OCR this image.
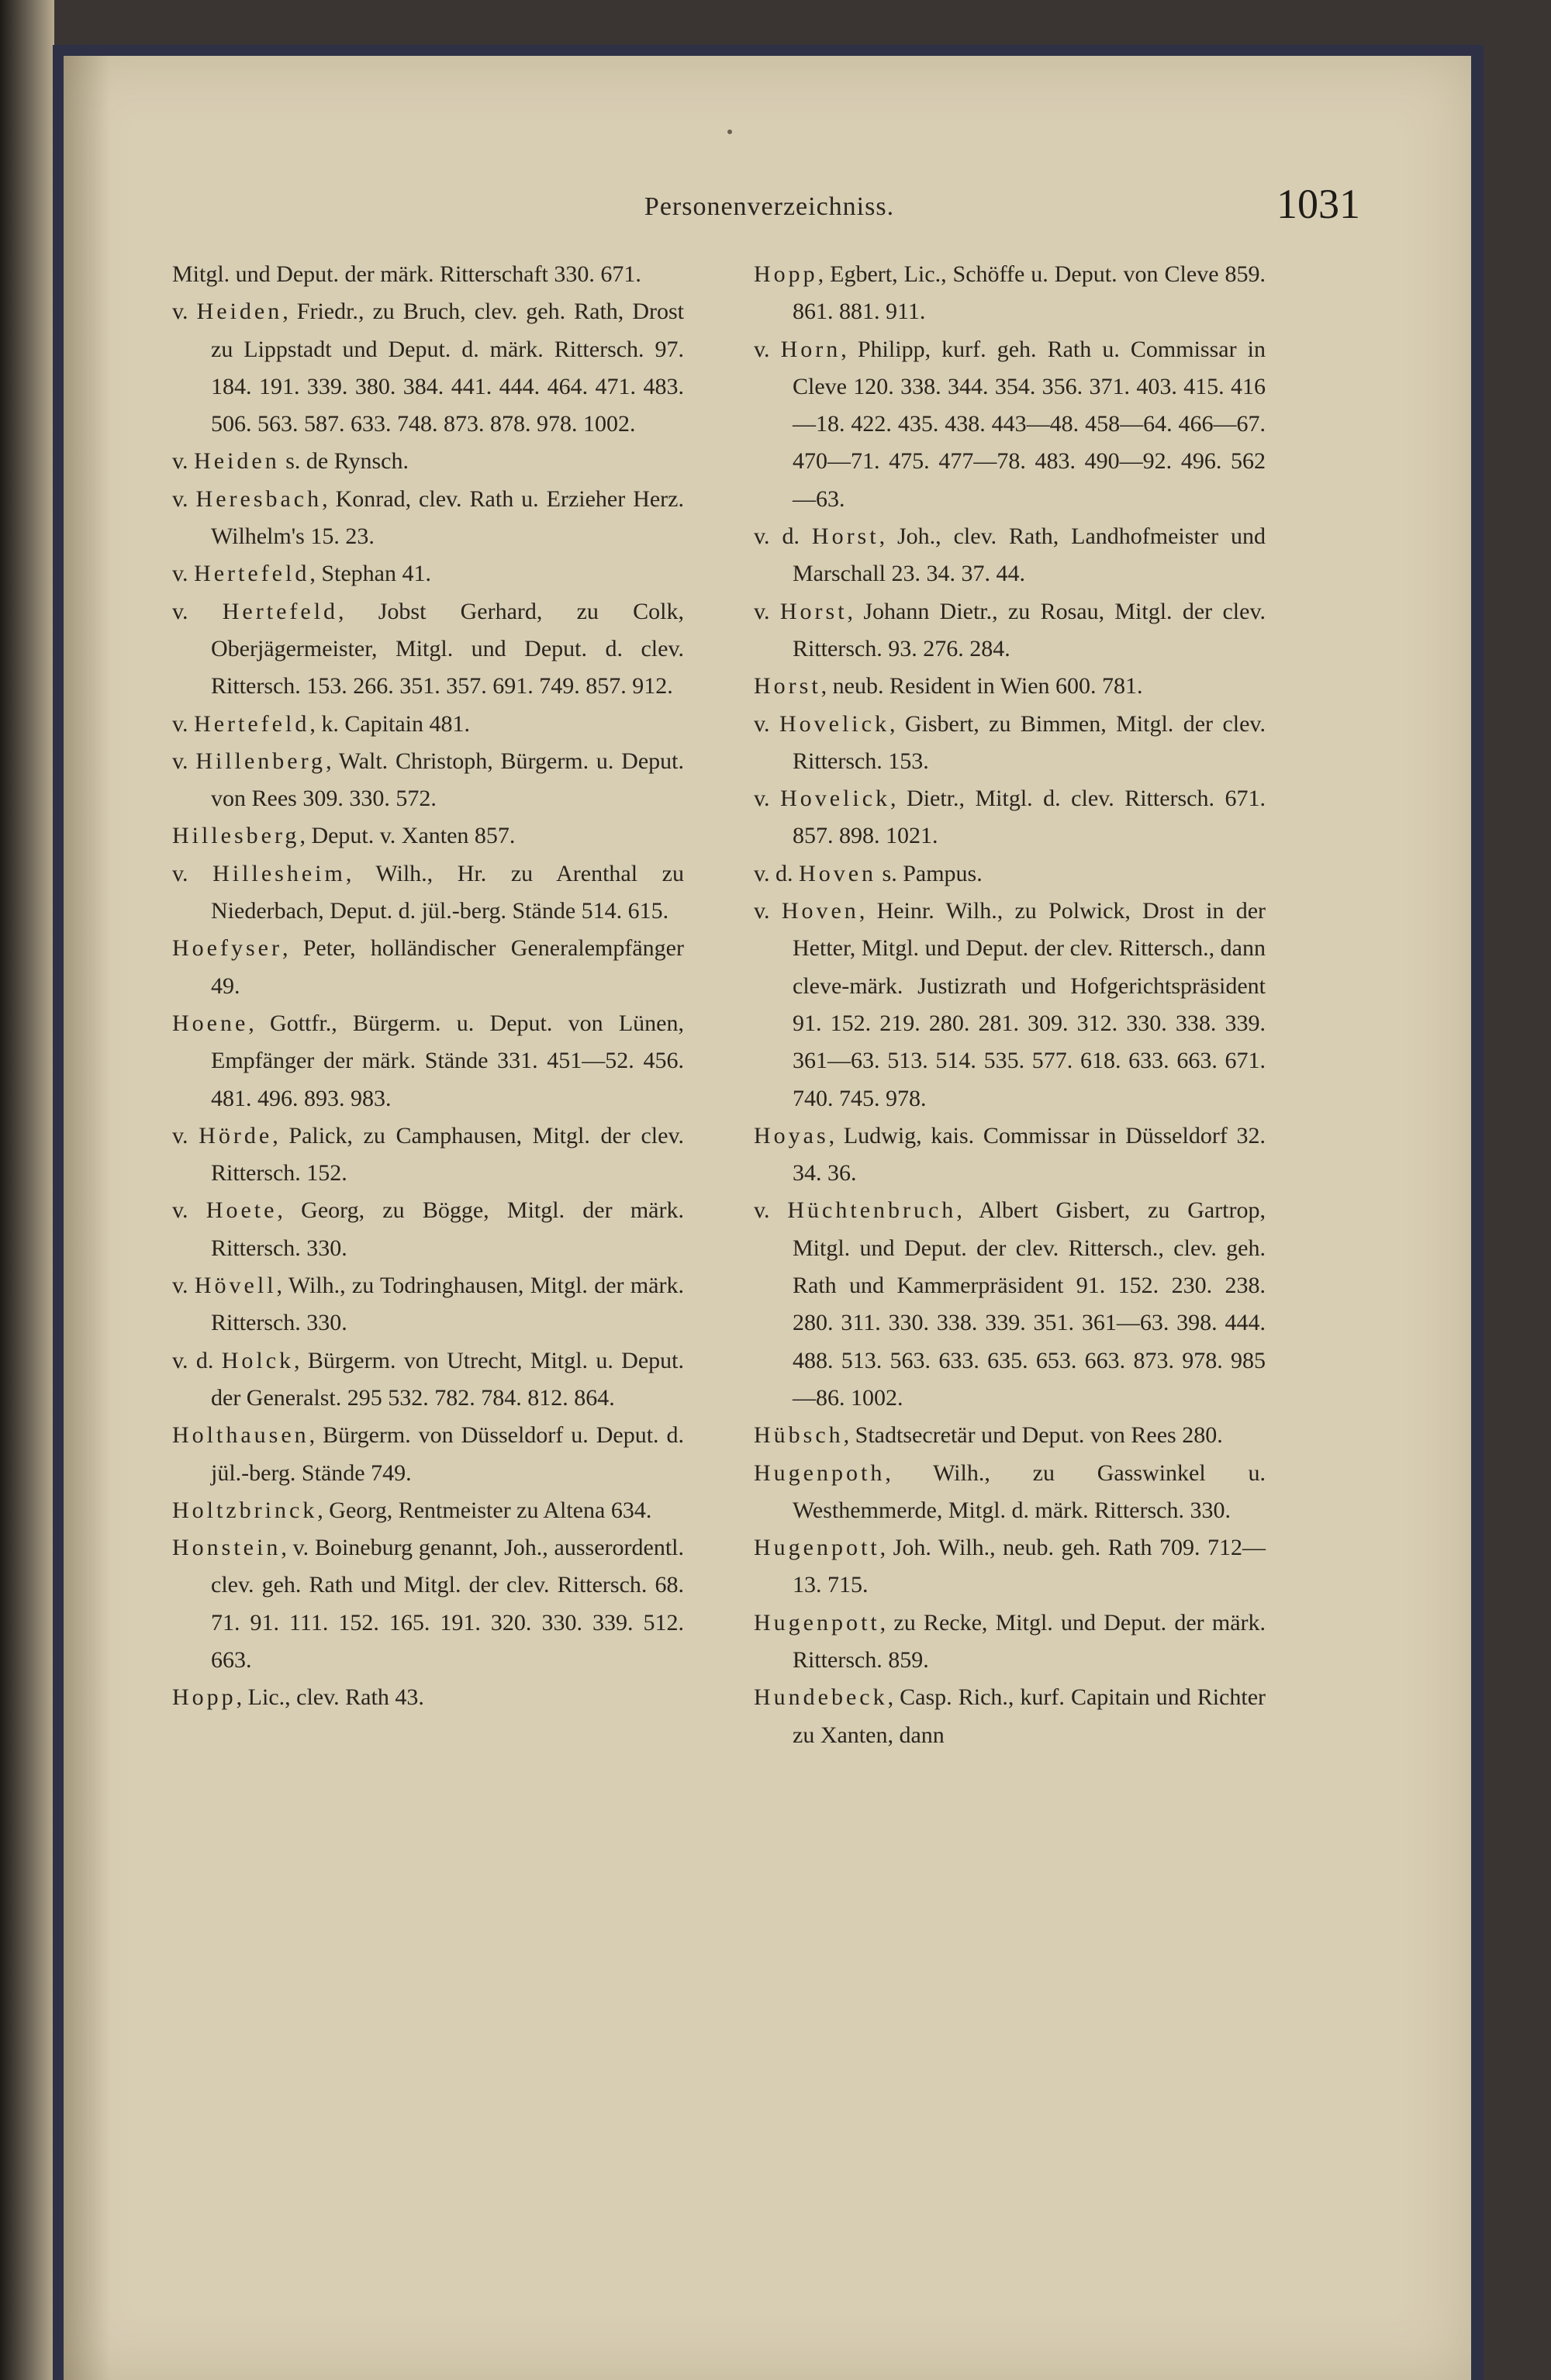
Personenverzeichniss.	1031
Mitgl. und Deput. der märk. Ritterschaft 330. 671.
v. Heiden, Friedr., zu Bruch, clev. geh. Rath, Drost zu Lippstadt und Deput. d. märk. Rittersch. 97. 184. 191. 339. 380. 384. 441. 444. 464. 471. 483. 506. 563. 587. 633. 748. 873. 878. 978. 1002.
v. Heiden s. de Rynsch.
v. Heresbach, Konrad, clev. Rath u. Erzieher Herz. Wilhelm's 15. 23.
v. Hertefeld, Stephan 41.
v. Hertefeld, Jobst Gerhard, zu Colk, Oberjägermeister, Mitgl. und Deput. d. clev. Rittersch. 153. 266. 351. 357. 691. 749. 857. 912.
v. Hertefeld, k. Capitain 481.
v. Hillenberg, Walt. Christoph, Bürgerm. u. Deput. von Rees 309. 330. 572.
Hillesberg, Deput. v. Xanten 857.
v. Hillesheim, Wilh., Hr. zu Arenthal zu Niederbach, Deput. d. jül.-berg. Stände 514. 615.
Hoefyser, Peter, holländischer Generalempfänger 49.
Hoene, Gottfr., Bürgerm. u. Deput. von Lünen, Empfänger der märk. Stände 331. 451—52. 456. 481. 496. 893. 983.
v. Hörde, Palick, zu Camphausen, Mitgl. der clev. Rittersch. 152.
v. Hoete, Georg, zu Bögge, Mitgl. der märk. Rittersch. 330.
v. Hövell, Wilh., zu Todringhausen, Mitgl. der märk. Rittersch. 330.
v. d. Holck, Bürgerm. von Utrecht, Mitgl. u. Deput. der Generalst. 295 532. 782. 784. 812. 864.
Holthausen, Bürgerm. von Düsseldorf u. Deput. d. jül.-berg. Stände 749.
Holtzbrinck, Georg, Rentmeister zu Altena 634.
Honstein, v. Boineburg genannt, Joh., ausserordentl. clev. geh. Rath und Mitgl. der clev. Rittersch. 68. 71. 91. 111. 152. 165. 191. 320. 330. 339. 512. 663.
Hopp, Lic., clev. Rath 43.
Hopp, Egbert, Lic., Schöffe u. Deput. von Cleve 859. 861. 881. 911.
v. Horn, Philipp, kurf. geh. Rath u. Commissar in Cleve 120. 338. 344. 354. 356. 371. 403. 415. 416—18. 422. 435. 438. 443—48. 458—64. 466—67. 470—71. 475. 477—78. 483. 490—92. 496. 562—63.
v. d. Horst, Joh., clev. Rath, Landhofmeister und Marschall 23. 34. 37. 44.
v. Horst, Johann Dietr., zu Rosau, Mitgl. der clev. Rittersch. 93. 276. 284.
Horst, neub. Resident in Wien 600. 781.
v. Hovelick, Gisbert, zu Bimmen, Mitgl. der clev. Rittersch. 153.
v. Hovelick, Dietr., Mitgl. d. clev. Rittersch. 671. 857. 898. 1021.
v. d. Hoven s. Pampus.
v. Hoven, Heinr. Wilh., zu Polwick, Drost in der Hetter, Mitgl. und Deput. der clev. Rittersch., dann cleve-märk. Justizrath und Hofgerichtspräsident 91. 152. 219. 280. 281. 309. 312. 330. 338. 339. 361—63. 513. 514. 535. 577. 618. 633. 663. 671. 740. 745. 978.
Hoyas, Ludwig, kais. Commissar in Düsseldorf 32. 34. 36.
v. Hüchtenbruch, Albert Gisbert, zu Gartrop, Mitgl. und Deput. der clev. Rittersch., clev. geh. Rath und Kammerpräsident 91. 152. 230. 238. 280. 311. 330. 338. 339. 351. 361—63. 398. 444. 488. 513. 563. 633. 635. 653. 663. 873. 978. 985—86. 1002.
Hübsch, Stadtsecretär und Deput. von Rees 280.
Hugenpoth, Wilh., zu Gasswinkel u. Westhemmerde, Mitgl. d. märk. Rittersch. 330.
Hugenpott, Joh. Wilh., neub. geh. Rath 709. 712—13. 715.
Hugenpott, zu Recke, Mitgl. und Deput. der märk. Rittersch. 859.
Hundebeck, Casp. Rich., kurf. Capitain und Richter zu Xanten, dann
